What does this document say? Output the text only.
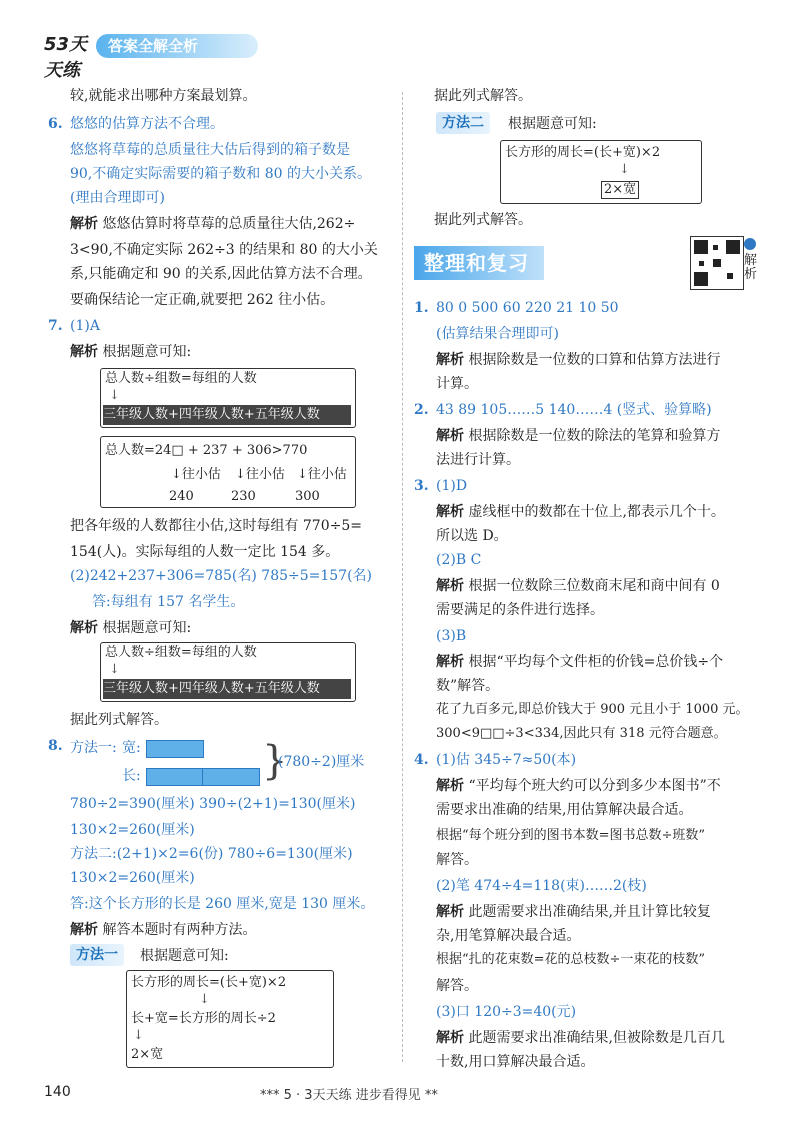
53天天练
答案全解全析
较,就能求出哪种方案最划算。
6. 悠悠的估算方法不合理。
悠悠将草莓的总质量往大估后得到的箱子数是
90,不确定实际需要的箱子数和 80 的大小关系。
(理由合理即可)
解析 悠悠估算时将草莓的总质量往大估,262÷
3<90,不确定实际 262÷3 的结果和 80 的大小关
系,只能确定和 90 的关系,因此估算方法不合理。
要确保结论一定正确,就要把 262 往小估。
7. (1)A
解析 根据题意可知:
总人数÷组数=每组的人数
↓
三年级人数+四年级人数+五年级人数
总人数=24□ + 237 + 306>770
↓往小估 ↓往小估 ↓往小估
240	230	300
把各年级的人数都往小估,这时每组有 770÷5=
154(人)。实际每组的人数一定比 154 多。
(2)242+237+306=785(名) 785÷5=157(名)
答:每组有 157 名学生。
解析 根据题意可知:
总人数÷组数=每组的人数
↓
三年级人数+四年级人数+五年级人数
据此列式解答。
8. 方法一: 宽:
长:	}
(780÷2)厘米
780÷2=390(厘米) 390÷(2+1)=130(厘米)
130×2=260(厘米)
方法二:(2+1)×2=6(份) 780÷6=130(厘米)
130×2=260(厘米)
答:这个长方形的长是 260 厘米,宽是 130 厘米。
解析 解答本题时有两种方法。
方法一	根据题意可知:
长方形的周长=(长+宽)×2
↓
长+宽=长方形的周长÷2
↓
2×宽
据此列式解答。
方法二	根据题意可知:
长方形的周长=(长+宽)×2
↓
2×宽
据此列式解答。
整理和复习	解析
1. 80 0 500 60 220 21 10 50
(估算结果合理即可)
解析 根据除数是一位数的口算和估算方法进行
计算。
2. 43 89 105……5 140……4 (竖式、验算略)
解析 根据除数是一位数的除法的笔算和验算方
法进行计算。
3. (1)D
解析 虚线框中的数都在十位上,都表示几个十。
所以选 D。
(2)B C
解析 根据一位数除三位数商末尾和商中间有 0
需要满足的条件进行选择。
(3)B
解析 根据“平均每个文件柜的价钱=总价钱÷个
数”解答。
花了九百多元,即总价钱大于 900 元且小于 1000 元。
300<9□□÷3<334,因此只有 318 元符合题意。
4. (1)估 345÷7≈50(本)
解析 “平均每个班大约可以分到多少本图书”不
需要求出准确的结果,用估算解决最合适。
根据“每个班分到的图书本数=图书总数÷班数”
解答。
(2)笔 474÷4=118(束)……2(枝)
解析 此题需要求出准确结果,并且计算比较复
杂,用笔算解决最合适。
根据“扎的花束数=花的总枝数÷一束花的枝数”
解答。
(3)口 120÷3=40(元)
解析 此题需要求出准确结果,但被除数是几百几
十数,用口算解决最合适。
140	*** 5 · 3天天练 进步看得见 **
